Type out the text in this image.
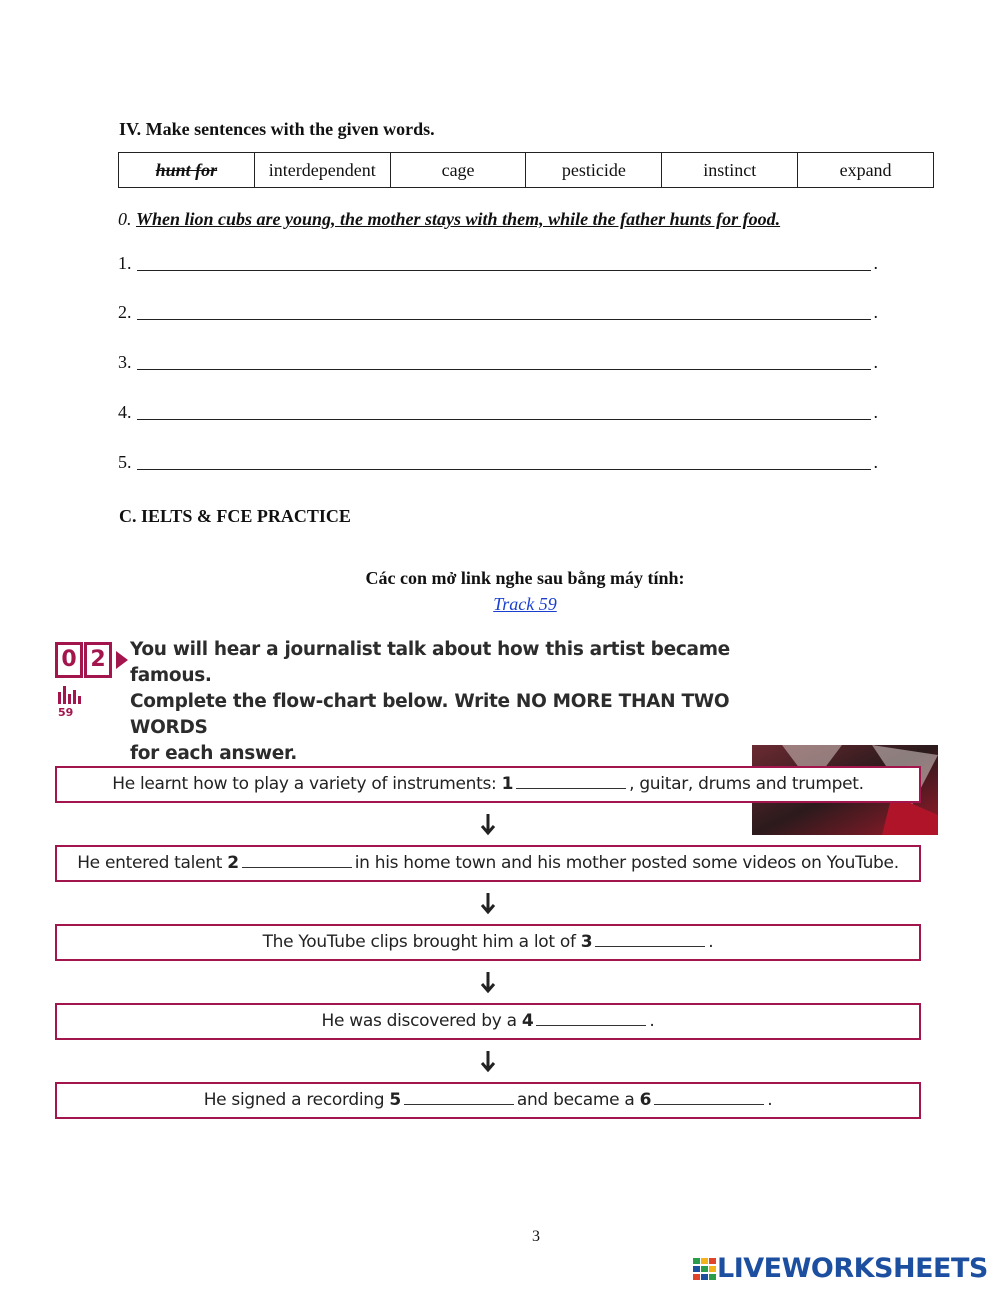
IV. Make sentences with the given words.
hunt for	interdependent	cage	pesticide	instinct	expand
0. When lion cubs are young, the mother stays with them, while the father hunts for food.
1.	.
2.	.
3.	.
4.	.
5.	.
C. IELTS & FCE PRACTICE
Các con mở link nghe sau bằng máy tính:
Track 59
0 2
59
You will hear a journalist talk about how this artist became famous.
Complete the flow-chart below. Write NO MORE THAN TWO WORDS
for each answer.
He learnt how to play a variety of instruments: 1	, guitar, drums and trumpet.
He entered talent 2	in his home town and his mother posted some videos on YouTube.
The YouTube clips brought him a lot of 3	.
He was discovered by a 4	.
He signed a recording 5	and became a 6	.
3
LIVEWORKSHEETS
